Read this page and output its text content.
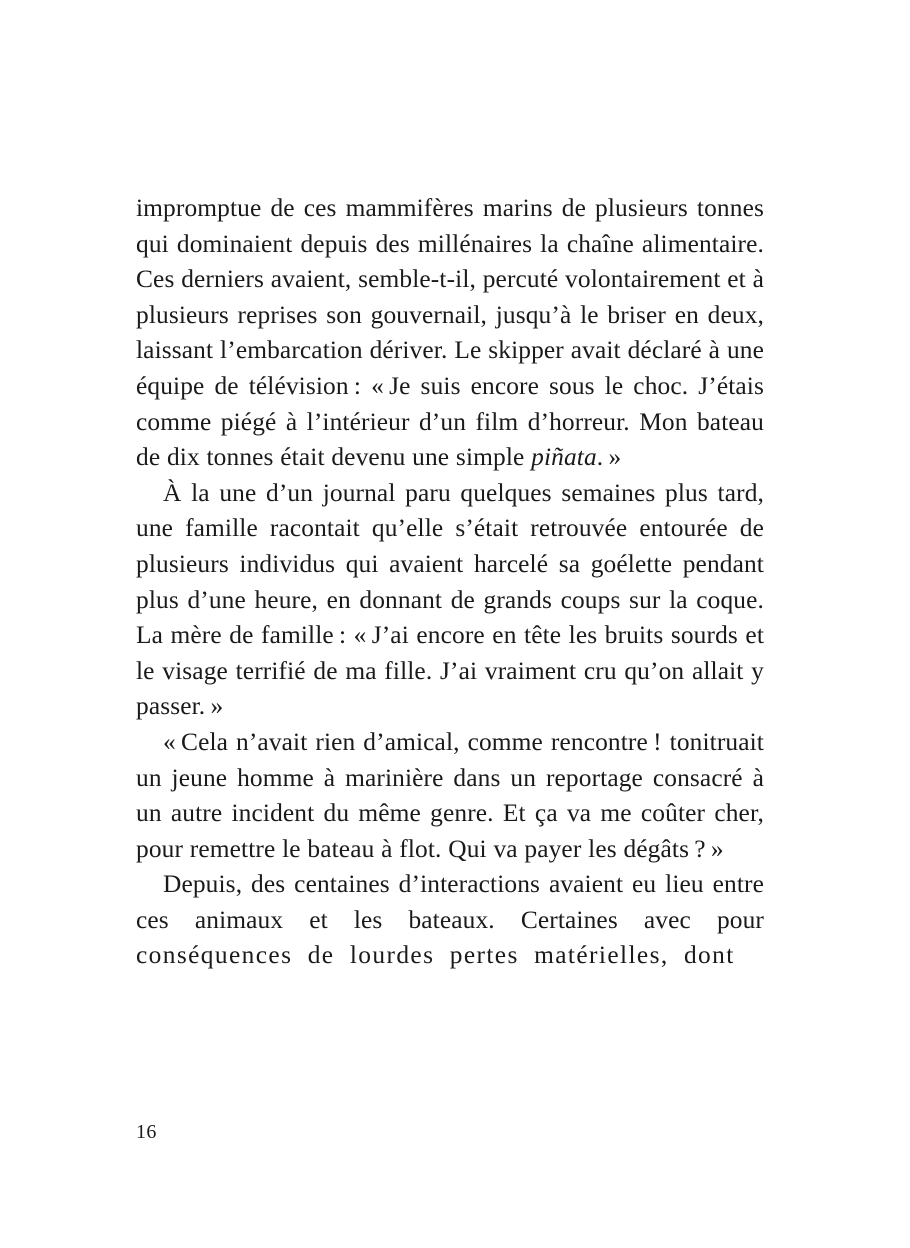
impromptue de ces mammifères marins de plusieurs tonnes qui dominaient depuis des millénaires la chaîne alimentaire. Ces derniers avaient, semble-t-il, percuté volontairement et à plusieurs reprises son gouvernail, jusqu’à le briser en deux, laissant l’embarcation dériver. Le skipper avait déclaré à une équipe de télévision : « Je suis encore sous le choc. J’étais comme piégé à l’intérieur d’un film d’horreur. Mon bateau de dix tonnes était devenu une simple piñata. »

À la une d’un journal paru quelques semaines plus tard, une famille racontait qu’elle s’était retrouvée entourée de plusieurs individus qui avaient harcelé sa goélette pendant plus d’une heure, en donnant de grands coups sur la coque. La mère de famille : « J’ai encore en tête les bruits sourds et le visage terrifié de ma fille. J’ai vraiment cru qu’on allait y passer. »

« Cela n’avait rien d’amical, comme rencontre ! tonitruait un jeune homme à marinière dans un reportage consacré à un autre incident du même genre. Et ça va me coûter cher, pour remettre le bateau à flot. Qui va payer les dégâts ? »

Depuis, des centaines d’interactions avaient eu lieu entre ces animaux et les bateaux. Certaines avec pour conséquences de lourdes pertes matérielles, dont

16
